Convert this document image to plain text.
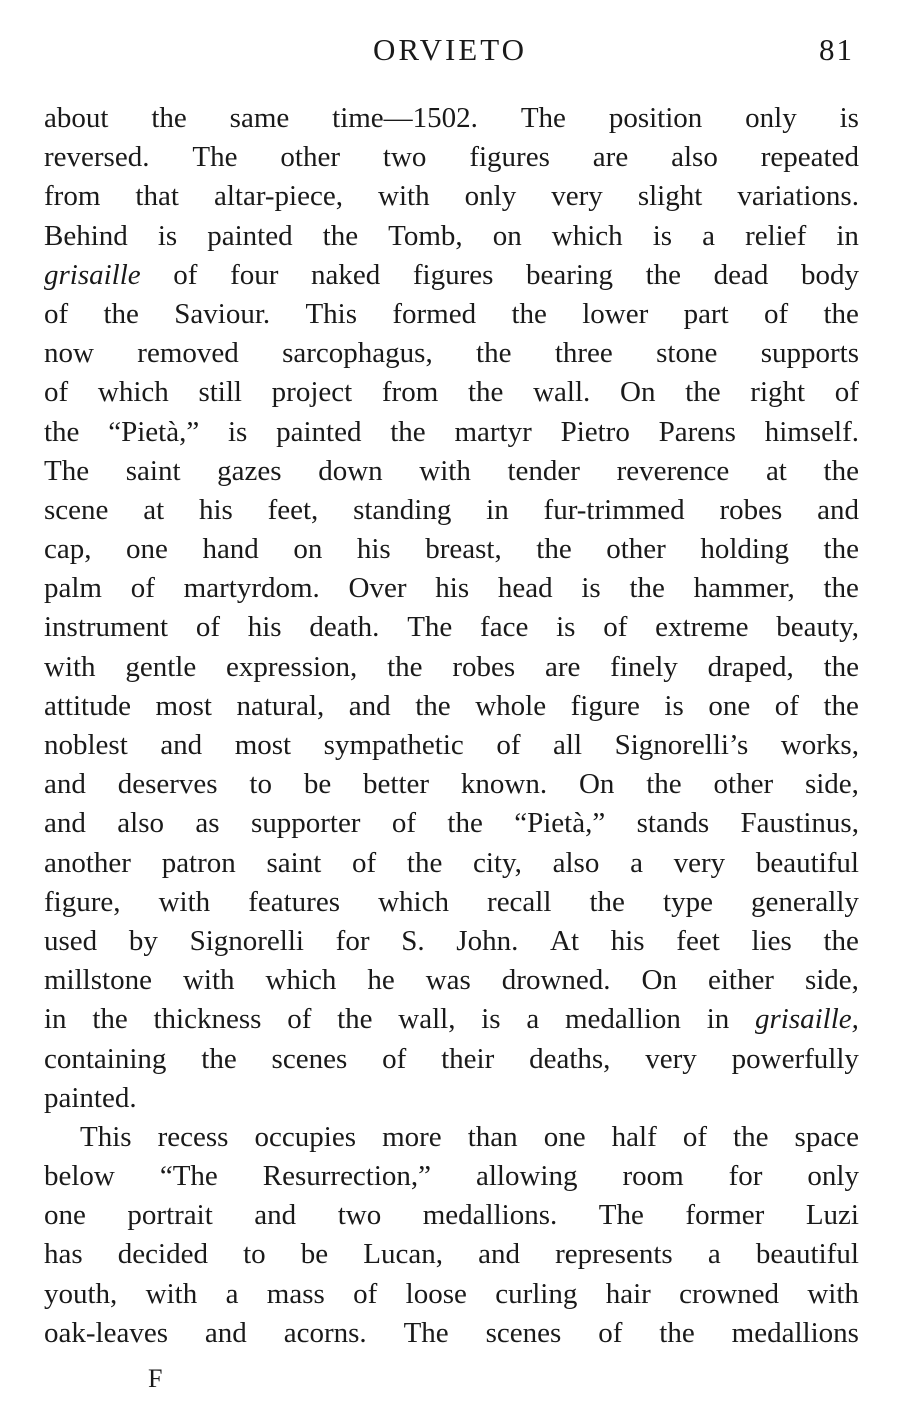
ORVIETO	81
about the same time—1502. The position only is
reversed. The other two figures are also repeated
from that altar-piece, with only very slight variations.
Behind is painted the Tomb, on which is a relief in
grisaille of four naked figures bearing the dead body
of the Saviour. This formed the lower part of the
now removed sarcophagus, the three stone supports
of which still project from the wall. On the right of
the “Pietà,” is painted the martyr Pietro Parens himself.
The saint gazes down with tender reverence at the
scene at his feet, standing in fur-trimmed robes and
cap, one hand on his breast, the other holding the
palm of martyrdom. Over his head is the hammer, the
instrument of his death. The face is of extreme beauty,
with gentle expression, the robes are finely draped, the
attitude most natural, and the whole figure is one of the
noblest and most sympathetic of all Signorelli’s works,
and deserves to be better known. On the other side,
and also as supporter of the “Pietà,” stands Faustinus,
another patron saint of the city, also a very beautiful
figure, with features which recall the type generally
used by Signorelli for S. John. At his feet lies the
millstone with which he was drowned. On either side,
in the thickness of the wall, is a medallion in grisaille,
containing the scenes of their deaths, very powerfully
painted.
This recess occupies more than one half of the space
below “The Resurrection,” allowing room for only
one portrait and two medallions. The former Luzi
has decided to be Lucan, and represents a beautiful
youth, with a mass of loose curling hair crowned with
oak-leaves and acorns. The scenes of the medallions
F
